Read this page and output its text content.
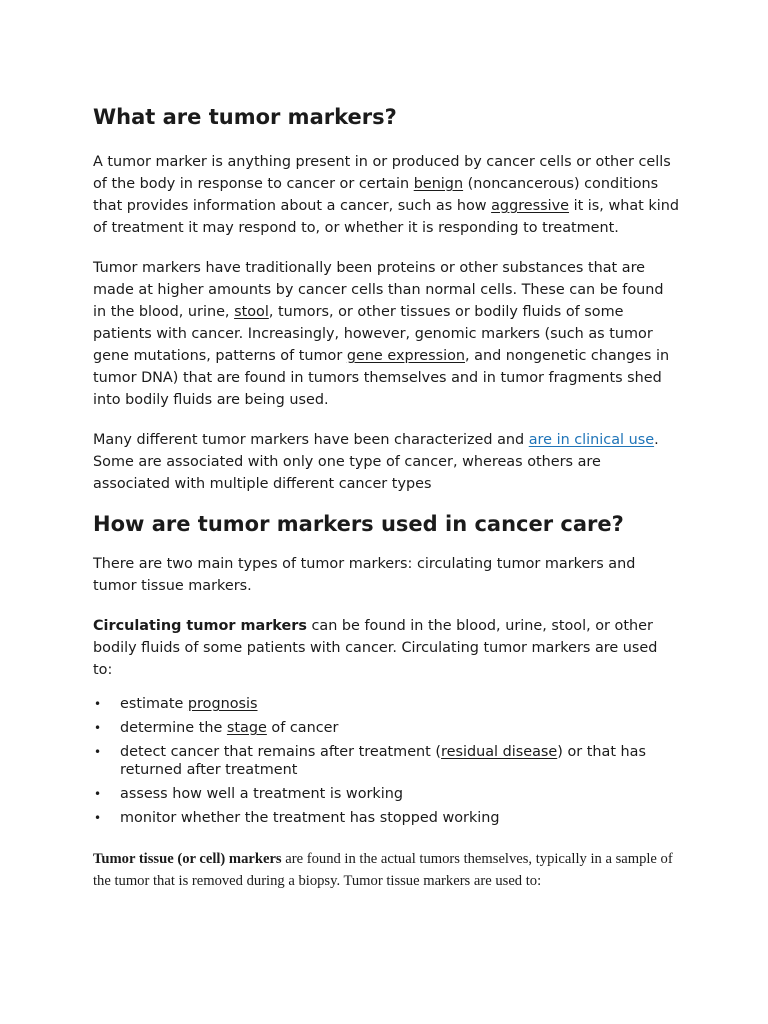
What are tumor markers?

A tumor marker is anything present in or produced by cancer cells or other cells of the body in response to cancer or certain benign (noncancerous) conditions that provides information about a cancer, such as how aggressive it is, what kind of treatment it may respond to, or whether it is responding to treatment.

Tumor markers have traditionally been proteins or other substances that are made at higher amounts by cancer cells than normal cells. These can be found in the blood, urine, stool, tumors, or other tissues or bodily fluids of some patients with cancer. Increasingly, however, genomic markers (such as tumor gene mutations, patterns of tumor gene expression, and nongenetic changes in tumor DNA) that are found in tumors themselves and in tumor fragments shed into bodily fluids are being used.

Many different tumor markers have been characterized and are in clinical use. Some are associated with only one type of cancer, whereas others are associated with multiple different cancer types

How are tumor markers used in cancer care?

There are two main types of tumor markers: circulating tumor markers and tumor tissue markers.

Circulating tumor markers can be found in the blood, urine, stool, or other bodily fluids of some patients with cancer. Circulating tumor markers are used to:

• estimate prognosis
• determine the stage of cancer
• detect cancer that remains after treatment (residual disease) or that has returned after treatment
• assess how well a treatment is working
• monitor whether the treatment has stopped working

Tumor tissue (or cell) markers are found in the actual tumors themselves, typically in a sample of the tumor that is removed during a biopsy. Tumor tissue markers are used to:
